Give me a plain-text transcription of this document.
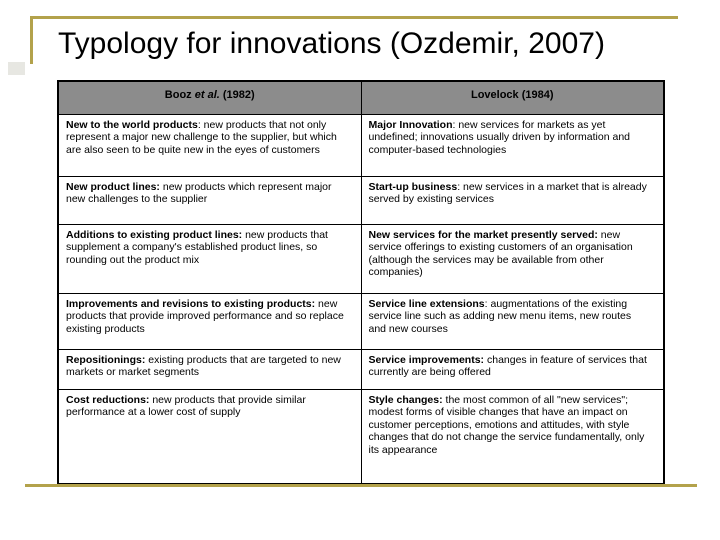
Typology for innovations (Ozdemir, 2007)
Booz et al. (1982)	Lovelock (1984)
New to the world products: new products that not only represent a major new challenge to the supplier, but which are also seen to be quite new in the eyes of customers	Major Innovation: new services for markets as yet undefined; innovations usually driven by information and computer-based technologies
New product lines: new products which represent major new challenges to the supplier	Start-up business: new services in a market that is already served by existing services
Additions to existing product lines: new products that supplement a company's established product lines, so rounding out the product mix	New services for the market presently served: new service offerings to existing customers of an organisation (although the services may be available from other companies)
Improvements and revisions to existing products: new products that provide improved performance and so replace existing products	Service line extensions: augmentations of the existing service line such as adding new menu items, new routes and new courses
Repositionings: existing products that are targeted to new markets or market segments	Service improvements: changes in feature of services that currently are being offered
Cost reductions: new products that provide similar performance at a lower cost of supply	Style changes: the most common of all "new services"; modest forms of visible changes that have an impact on customer perceptions, emotions and attitudes, with style changes that do not change the service fundamentally, only its appearance
